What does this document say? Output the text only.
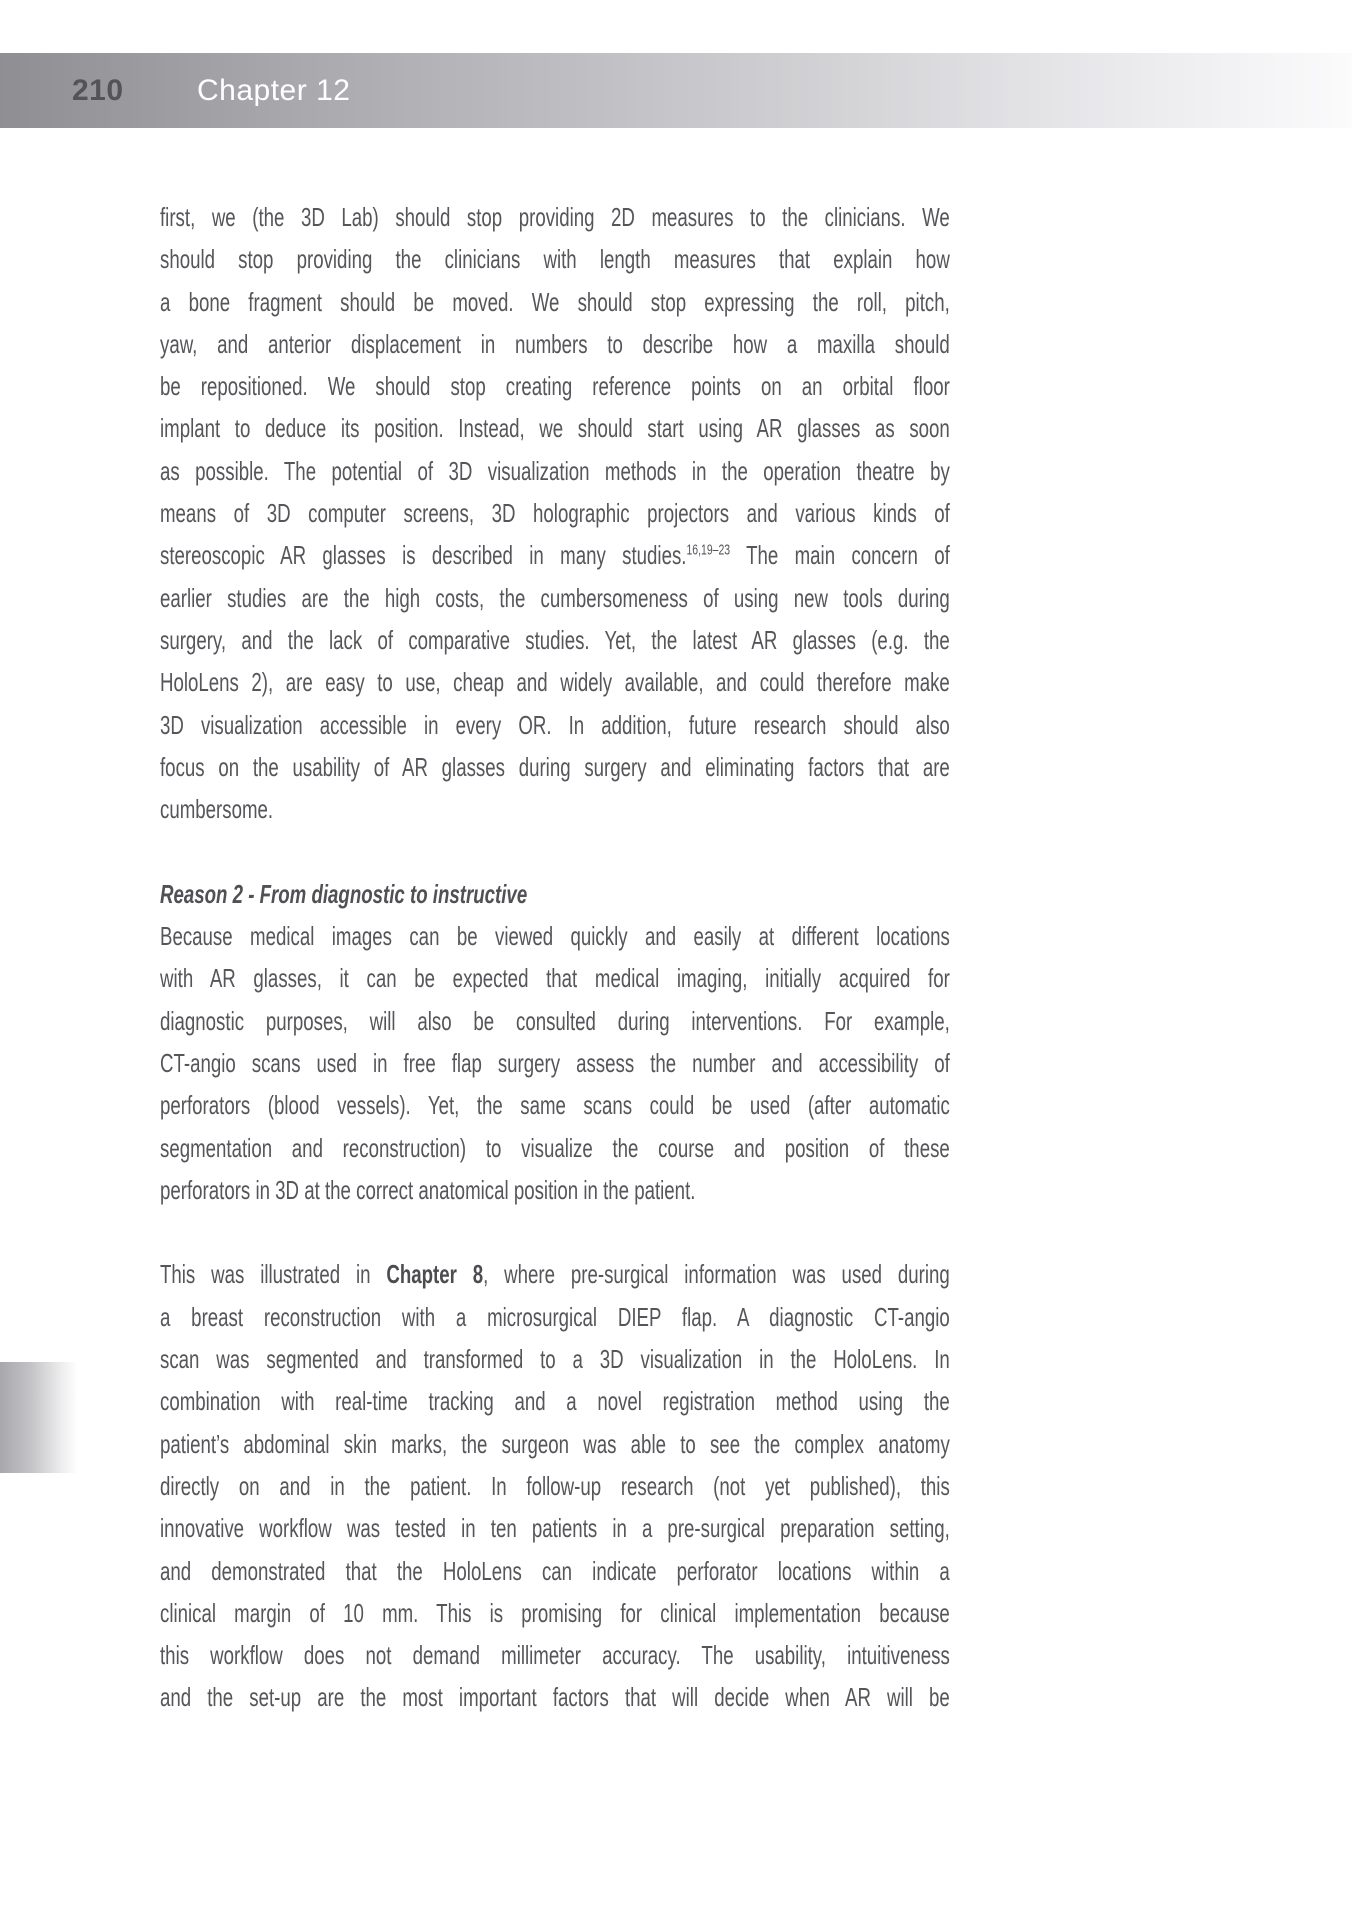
210 Chapter 12
first, we (the 3D Lab) should stop providing 2D measures to the clinicians. We
should stop providing the clinicians with length measures that explain how
a bone fragment should be moved. We should stop expressing the roll, pitch,
yaw, and anterior displacement in numbers to describe how a maxilla should
be repositioned. We should stop creating reference points on an orbital floor
implant to deduce its position. Instead, we should start using AR glasses as soon
as possible. The potential of 3D visualization methods in the operation theatre by
means of 3D computer screens, 3D holographic projectors and various kinds of
stereoscopic AR glasses is described in many studies.$^{16,19-23}$ The main concern of
earlier studies are the high costs, the cumbersomeness of using new tools during
surgery, and the lack of comparative studies. Yet, the latest AR glasses (e.g. the
HoloLens 2), are easy to use, cheap and widely available, and could therefore make
3D visualization accessible in every OR. In addition, future research should also
focus on the usability of AR glasses during surgery and eliminating factors that are
cumbersome.
Reason 2 - From diagnostic to instructive
Because medical images can be viewed quickly and easily at different locations
with AR glasses, it can be expected that medical imaging, initially acquired for
diagnostic purposes, will also be consulted during interventions. For example,
CT-angio scans used in free flap surgery assess the number and accessibility of
perforators (blood vessels). Yet, the same scans could be used (after automatic
segmentation and reconstruction) to visualize the course and position of these
perforators in 3D at the correct anatomical position in the patient.
This was illustrated in Chapter 8, where pre-surgical information was used during
a breast reconstruction with a microsurgical DIEP flap. A diagnostic CT-angio
scan was segmented and transformed to a 3D visualization in the HoloLens. In
combination with real-time tracking and a novel registration method using the
patient’s abdominal skin marks, the surgeon was able to see the complex anatomy
directly on and in the patient. In follow-up research (not yet published), this
innovative workflow was tested in ten patients in a pre-surgical preparation setting,
and demonstrated that the HoloLens can indicate perforator locations within a
clinical margin of 10 mm. This is promising for clinical implementation because
this workflow does not demand millimeter accuracy. The usability, intuitiveness
and the set-up are the most important factors that will decide when AR will be
